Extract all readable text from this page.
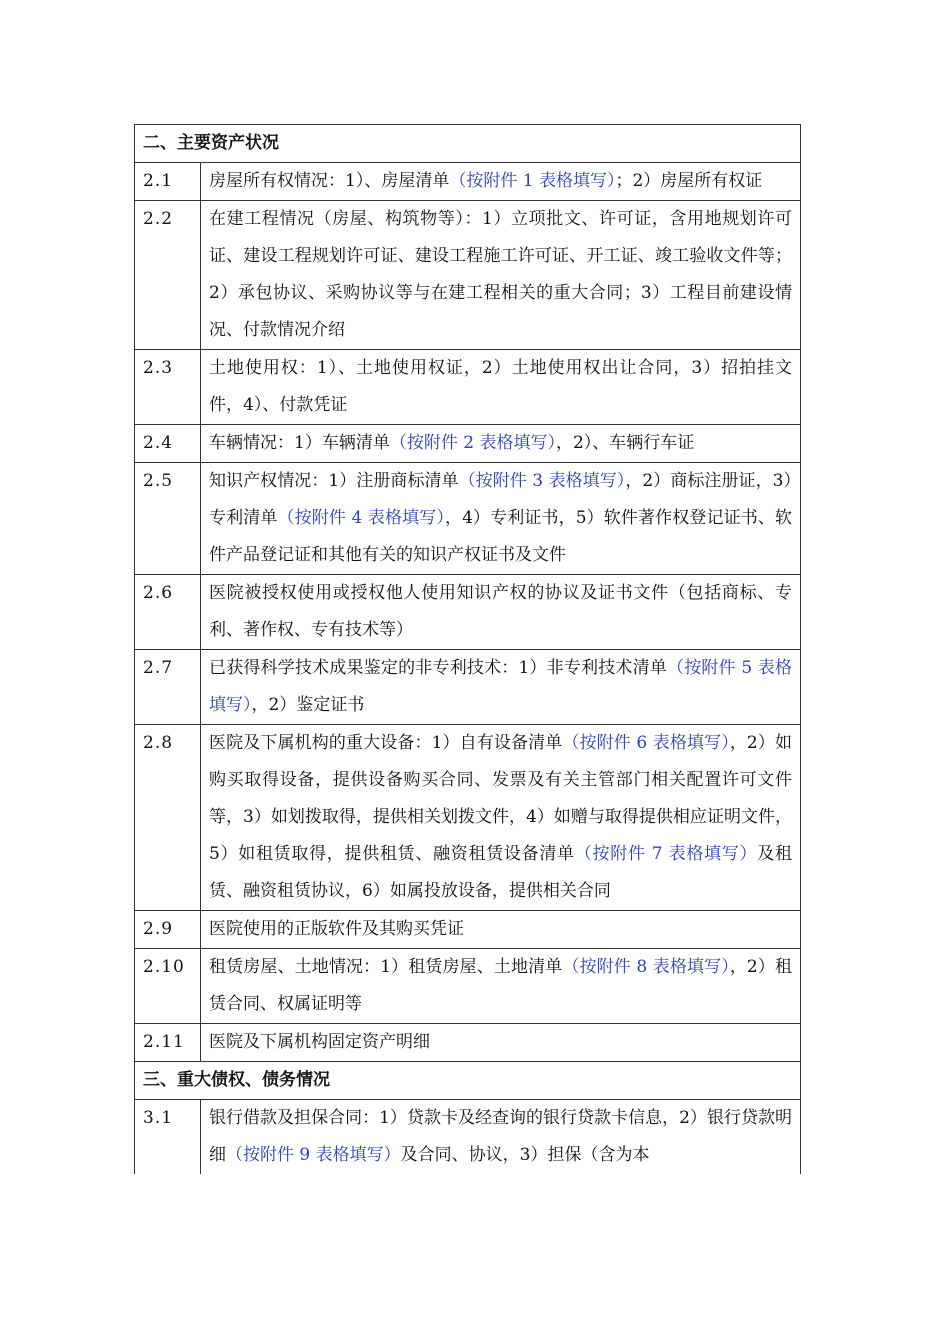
二、主要资产状况	
2.1	房屋所有权情况：1）、房屋清单（按附件 1 表格填写）；2）房屋所有权证
2.2	在建工程情况（房屋、构筑物等）：1）立项批文、许可证，含用地规划许可证、建设工程规划许可证、建设工程施工许可证、开工证、竣工验收文件等；2）承包协议、采购协议等与在建工程相关的重大合同；3）工程目前建设情况、付款情况介绍
2.3	土地使用权：1）、土地使用权证，2）土地使用权出让合同，3）招拍挂文件，4）、付款凭证
2.4	车辆情况：1）车辆清单（按附件 2 表格填写），2）、车辆行车证
2.5	知识产权情况：1）注册商标清单（按附件 3 表格填写），2）商标注册证，3）专利清单（按附件 4 表格填写），4）专利证书，5）软件著作权登记证书、软件产品登记证和其他有关的知识产权证书及文件
2.6	医院被授权使用或授权他人使用知识产权的协议及证书文件（包括商标、专利、著作权、专有技术等）
2.7	已获得科学技术成果鉴定的非专利技术：1）非专利技术清单（按附件 5 表格填写），2）鉴定证书
2.8	医院及下属机构的重大设备：1）自有设备清单（按附件 6 表格填写），2）如购买取得设备，提供设备购买合同、发票及有关主管部门相关配置许可文件等，3）如划拨取得，提供相关划拨文件，4）如赠与取得提供相应证明文件，5）如租赁取得，提供租赁、融资租赁设备清单（按附件 7 表格填写）及租赁、融资租赁协议，6）如属投放设备，提供相关合同
2.9	医院使用的正版软件及其购买凭证
2.10	租赁房屋、土地情况：1）租赁房屋、土地清单（按附件 8 表格填写），2）租赁合同、权属证明等
2.11	医院及下属机构固定资产明细
三、重大债权、债务情况	
3.1	银行借款及担保合同：1）贷款卡及经查询的银行贷款卡信息，2）银行贷款明细（按附件 9 表格填写）及合同、协议，3）担保（含为本
